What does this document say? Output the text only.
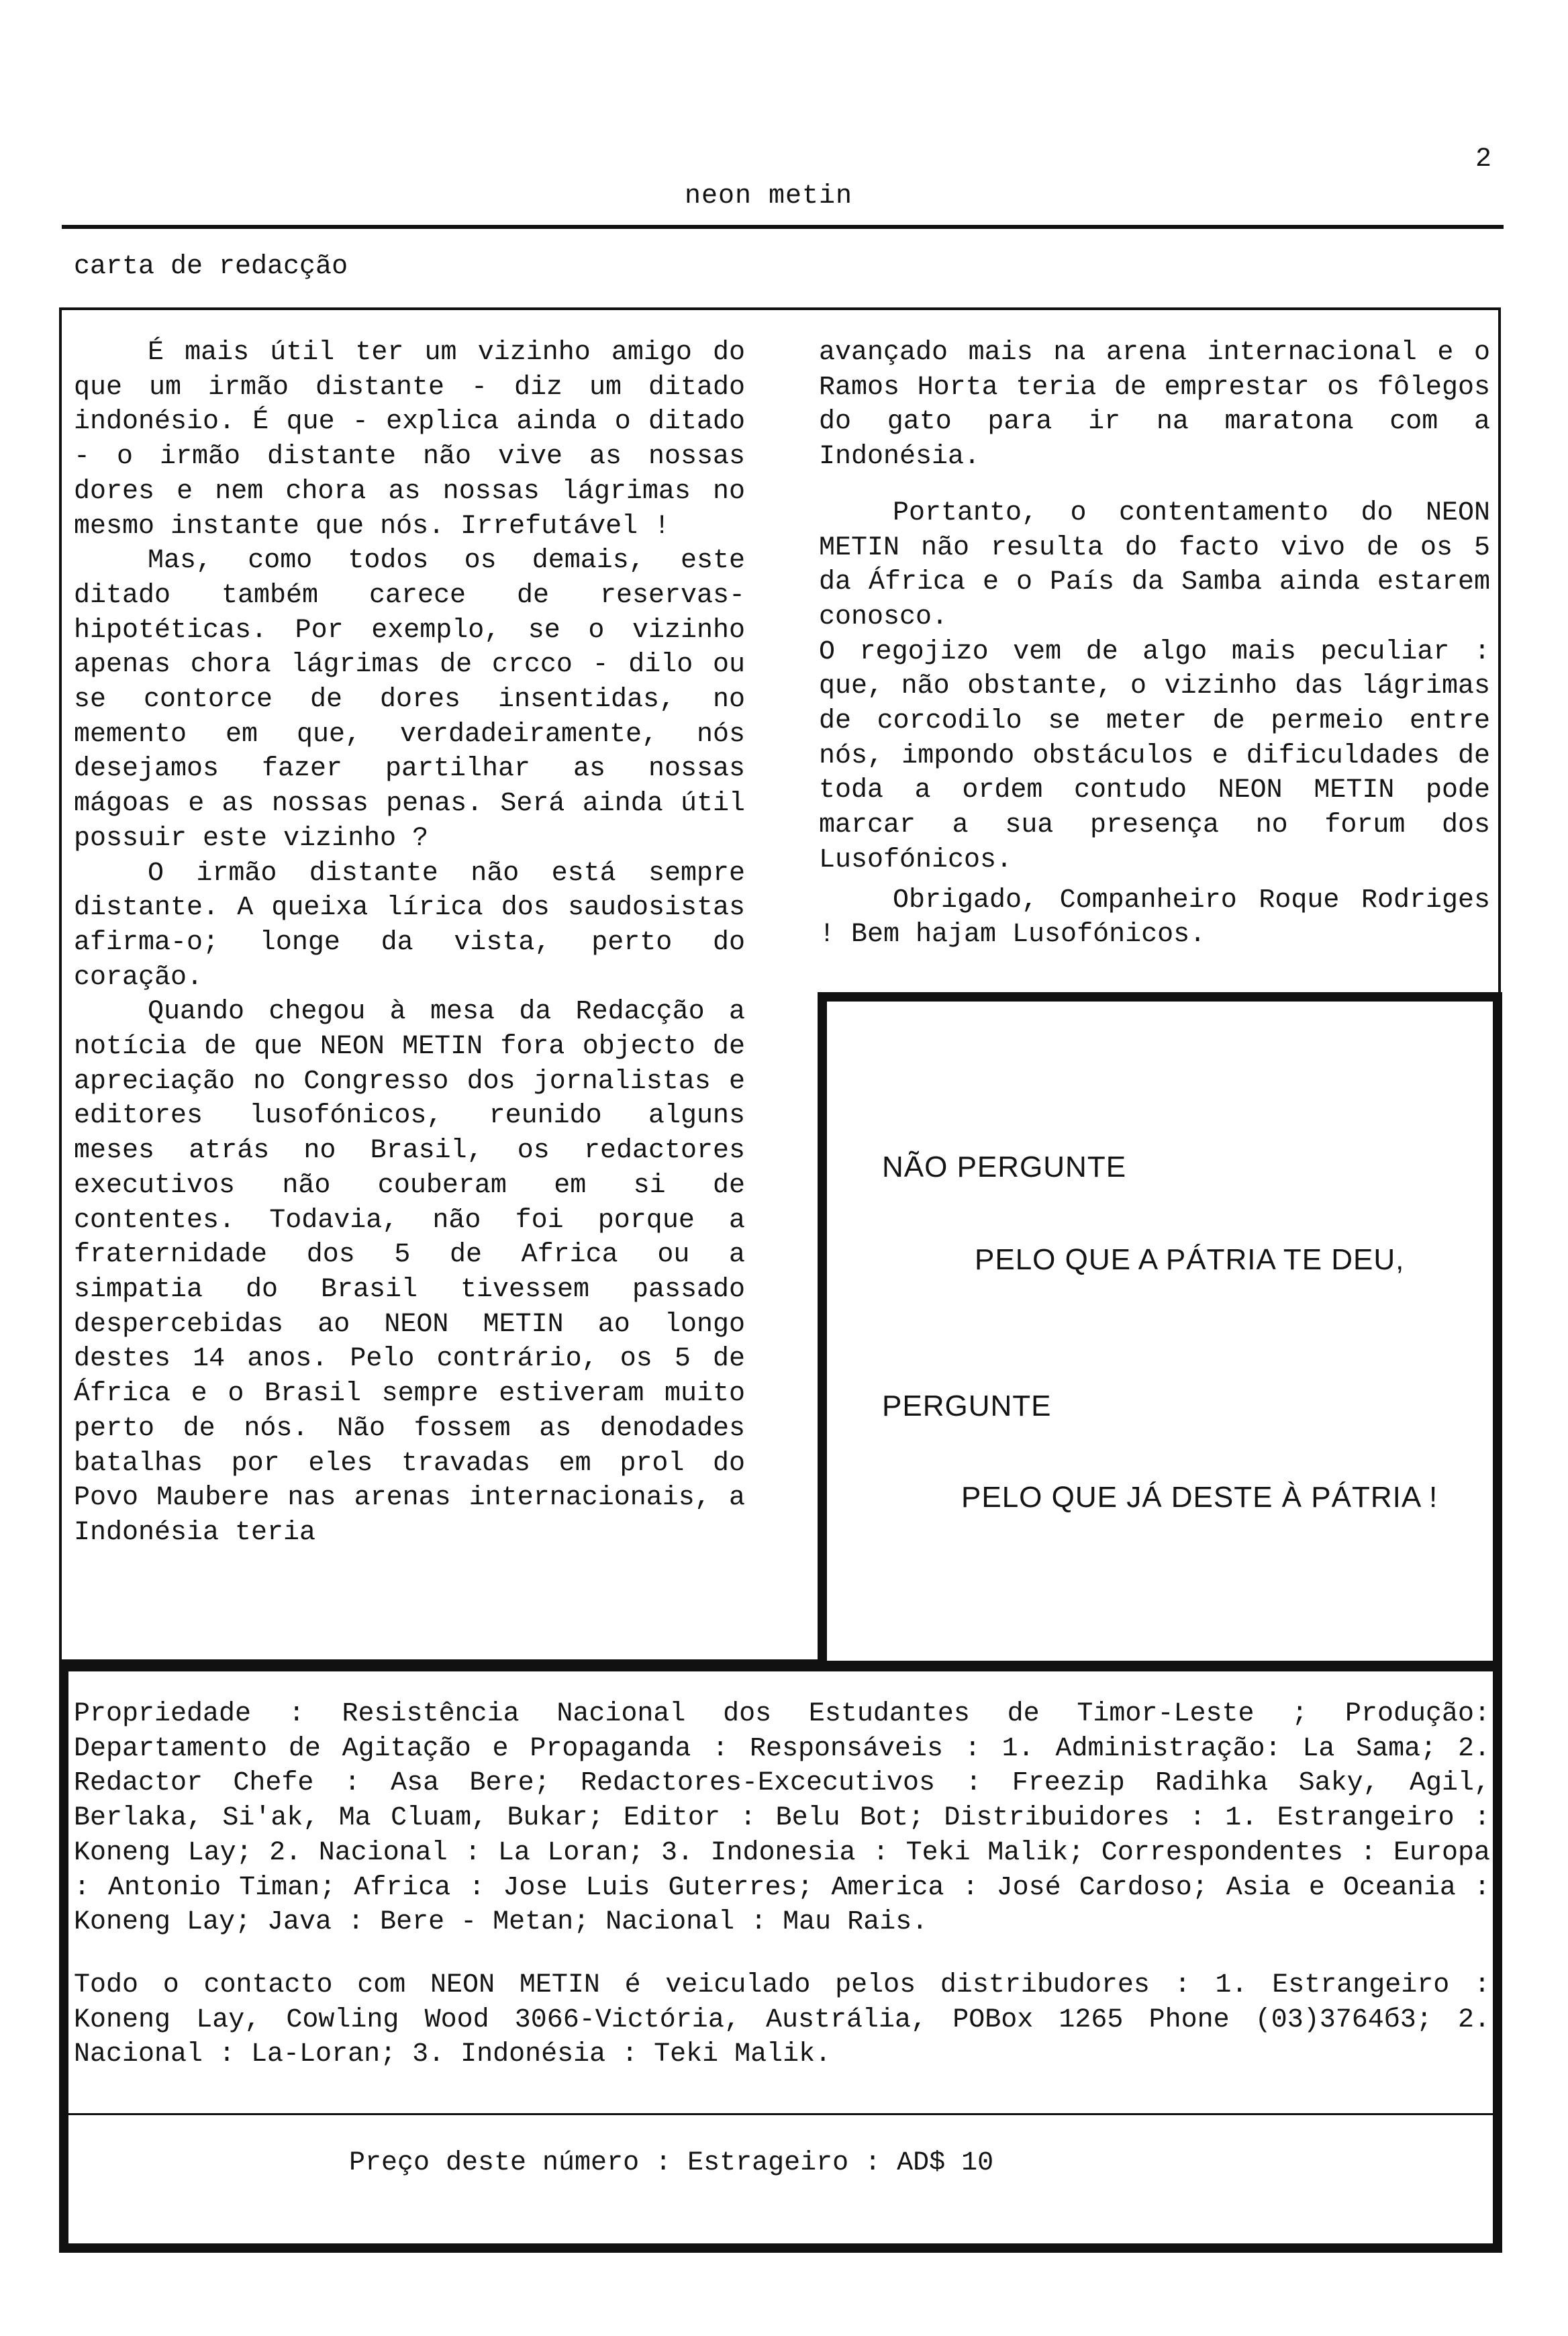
2
neon metin
carta de redacção

É mais útil ter um vizinho amigo do que um irmão distante - diz um ditado indonésio. É que - explica ainda o ditado - o irmão distante não vive as nossas dores e nem chora as nossas lágrimas no mesmo instante que nós. Irrefutável !

Mas, como todos os demais, este ditado também carece de reservas-hipotéticas. Por exemplo, se o vizinho apenas chora lágrimas de crcco - dilo ou se contorce de dores insentidas, no memento em que, verdadeiramente, nós desejamos fazer partilhar as nossas mágoas e as nossas penas. Será ainda útil possuir este vizinho ?

O irmão distante não está sempre distante. A queixa lírica dos saudosistas afirma-o; longe da vista, perto do coração.

Quando chegou à mesa da Redacção a notícia de que NEON METIN fora objecto de apreciação no Congresso dos jornalistas e editores lusofónicos, reunido alguns meses atrás no Brasil, os redactores executivos não couberam em si de contentes. Todavia, não foi porque a fraternidade dos 5 de Africa ou a simpatia do Brasil tivessem passado despercebidas ao NEON METIN ao longo destes 14 anos. Pelo contrário, os 5 de África e o Brasil sempre estiveram muito perto de nós. Não fossem as denodades batalhas por eles travadas em prol do Povo Maubere nas arenas internacionais, a Indonésia teria

avançado mais na arena internacional e o Ramos Horta teria de emprestar os fôlegos do gato para ir na maratona com a Indonésia.

Portanto, o contentamento do NEON METIN não resulta do facto vivo de os 5 da África e o País da Samba ainda estarem conosco.

O regojizo vem de algo mais peculiar : que, não obstante, o vizinho das lágrimas de corcodilo se meter de permeio entre nós, impondo obstáculos e dificuldades de toda a ordem contudo NEON METIN pode marcar a sua presença no forum dos Lusofónicos.

Obrigado, Companheiro Roque Rodriges ! Bem hajam Lusofónicos.

NÃO PERGUNTE
PELO QUE A PÁTRIA TE DEU,
PERGUNTE
PELO QUE JÁ DESTE À PÁTRIA !

Propriedade : Resistência Nacional dos Estudantes de Timor-Leste ; Produção: Departamento de Agitação e Propaganda : Responsáveis : 1. Administração: La Sama; 2. Redactor Chefe : Asa Bere; Redactores-Excecutivos : Freezip Radihka Saky, Agil, Berlaka, Si'ak, Ma Cluam, Bukar; Editor : Belu Bot; Distribuidores : 1. Estrangeiro : Koneng Lay; 2. Nacional : La Loran; 3. Indonesia : Teki Malik; Correspondentes : Europa : Antonio Timan; Africa : Jose Luis Guterres; America : José Cardoso; Asia e Oceania : Koneng Lay; Java : Bere - Metan; Nacional : Mau Rais.

Todo o contacto com NEON METIN é veiculado pelos distribudores : 1. Estrangeiro : Koneng Lay, Cowling Wood 3066-Victória, Austrália, POBox 1265 Phone (03)3764б3; 2. Nacional : La-Loran; 3. Indonésia : Teki Malik.

Preço deste número : Estrageiro : AD$ 10
